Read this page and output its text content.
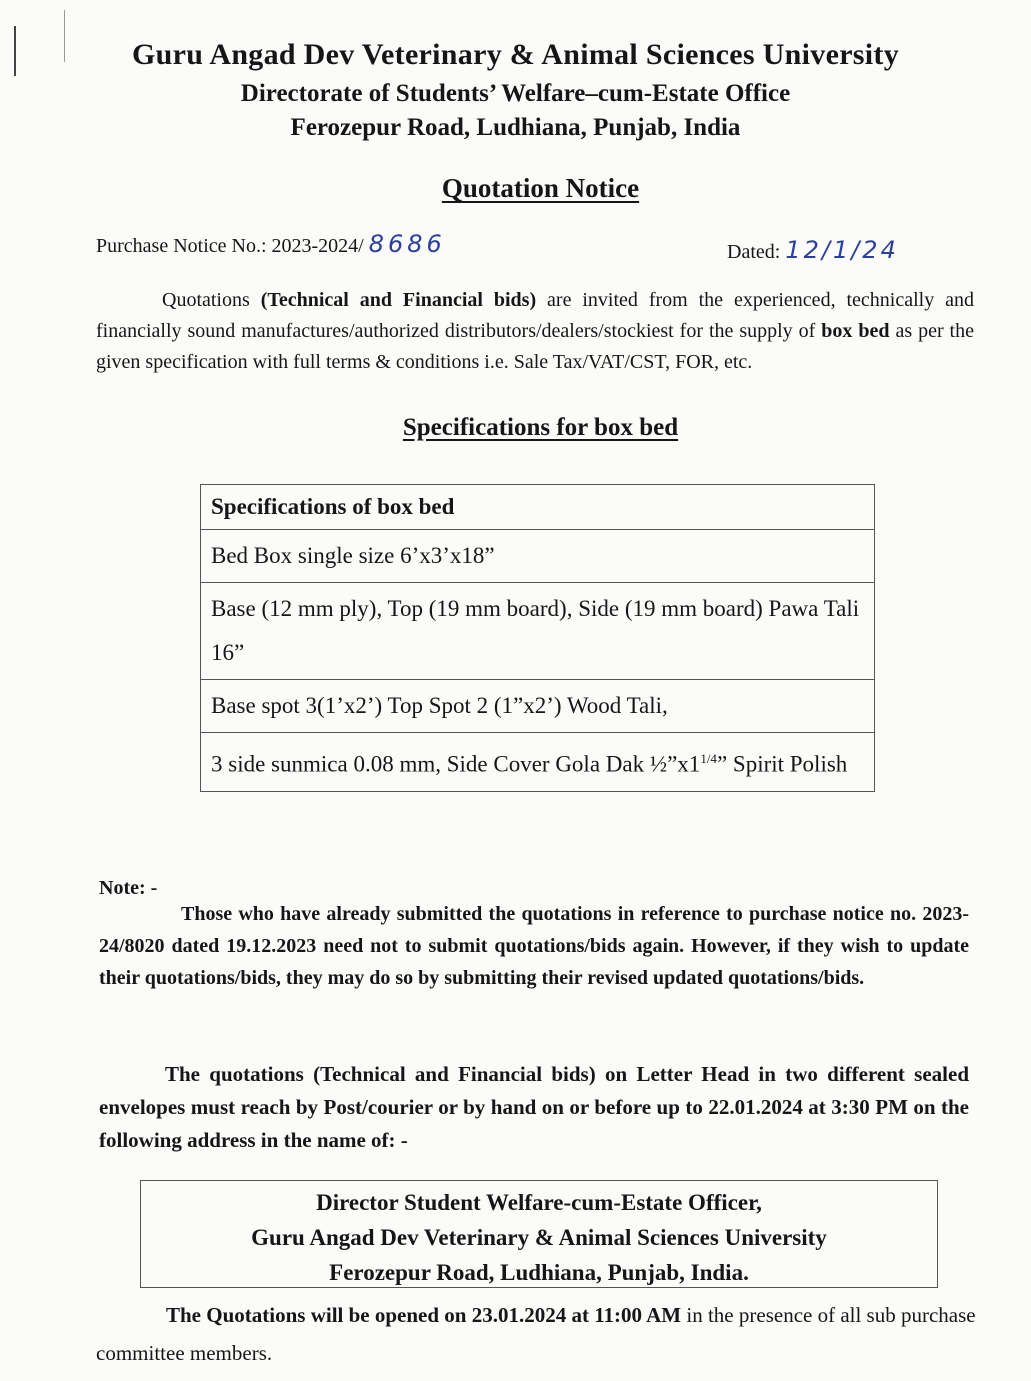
Guru Angad Dev Veterinary & Animal Sciences University
Directorate of Students’ Welfare–cum-Estate Office
Ferozepur Road, Ludhiana, Punjab, India
Quotation Notice
Purchase Notice No.: 2023-2024/ 8686	Dated: 12/1/24
Quotations (Technical and Financial bids) are invited from the experienced, technically and financially sound manufactures/authorized distributors/dealers/stockiest for the supply of box bed as per the given specification with full terms & conditions i.e. Sale Tax/VAT/CST, FOR, etc.
Specifications for box bed
Specifications of box bed
Bed Box single size 6’x3’x18”
Base (12 mm ply), Top (19 mm board), Side (19 mm board) Pawa Tali 16”
Base spot 3(1’x2’) Top Spot 2 (1”x2’) Wood Tali,
3 side sunmica 0.08 mm, Side Cover Gola Dak $\frac{1}{2}”x1^{1/4}$” Spirit Polish
Note: -
Those who have already submitted the quotations in reference to purchase notice no. 2023-24/8020 dated 19.12.2023 need not to submit quotations/bids again. However, if they wish to update their quotations/bids, they may do so by submitting their revised updated quotations/bids.
The quotations (Technical and Financial bids) on Letter Head in two different sealed envelopes must reach by Post/courier or by hand on or before up to 22.01.2024 at 3:30 PM on the following address in the name of: -
Director Student Welfare-cum-Estate Officer,
Guru Angad Dev Veterinary & Animal Sciences University
Ferozepur Road, Ludhiana, Punjab, India.
The Quotations will be opened on 23.01.2024 at 11:00 AM in the presence of all sub purchase committee members.
